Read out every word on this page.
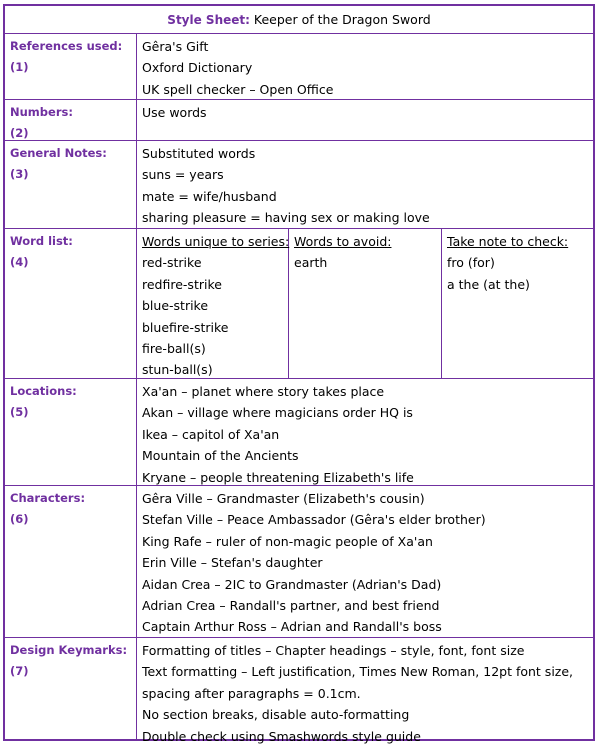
Style Sheet: Keeper of the Dragon Sword
References used:
(1)
Gêra's Gift
Oxford Dictionary
UK spell checker – Open Office
Numbers:
(2)
Use words
General Notes:
(3)
Substituted words
suns = years
mate = wife/husband
sharing pleasure = having sex or making love
Word list:
(4)
Words unique to series:
red-strike
redfire-strike
blue-strike
bluefire-strike
fire-ball(s)
stun-ball(s)
Words to avoid:
earth
Take note to check:
fro (for)
a the (at the)
Locations:
(5)
Xa'an – planet where story takes place
Akan – village where magicians order HQ is
Ikea – capitol of Xa'an
Mountain of the Ancients
Kryane – people threatening Elizabeth's life
Characters:
(6)
Gêra Ville – Grandmaster (Elizabeth's cousin)
Stefan Ville – Peace Ambassador (Gêra's elder brother)
King Rafe – ruler of non-magic people of Xa'an
Erin Ville – Stefan's daughter
Aidan Crea – 2IC to Grandmaster (Adrian's Dad)
Adrian Crea – Randall's partner, and best friend
Captain Arthur Ross – Adrian and Randall's boss
Design Keymarks:
(7)
Formatting of titles – Chapter headings – style, font, font size
Text formatting – Left justification, Times New Roman, 12pt font size,
spacing after paragraphs = 0.1cm.
No section breaks, disable auto-formatting
Double check using Smashwords style guide
